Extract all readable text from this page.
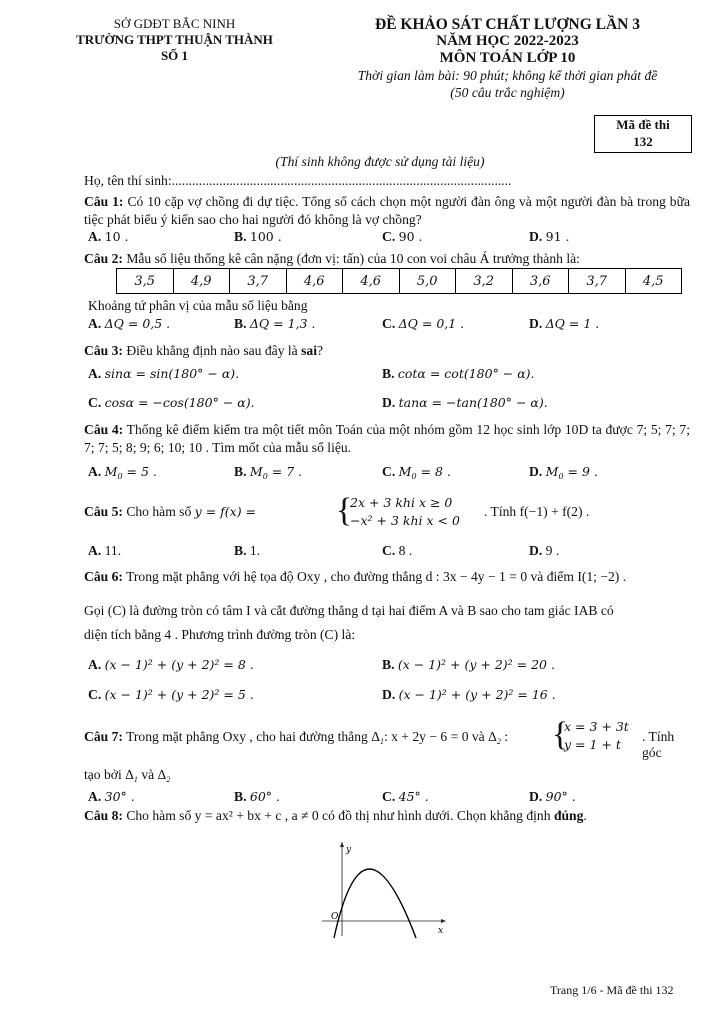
SỞ GDĐT BẮC NINH
TRƯỜNG THPT THUẬN THÀNH
SỐ 1
ĐỀ KHẢO SÁT CHẤT LƯỢNG LẦN 3
NĂM HỌC 2022-2023
MÔN TOÁN LỚP 10
Thời gian làm bài: 90 phút; không kể thời gian phát đề
(50 câu trắc nghiệm)
Mã đề thi
132
(Thí sinh không được sử dụng tài liệu)
Họ, tên thí sinh:....................................................................................................
Câu 1: Có 10 cặp vợ chồng đi dự tiệc. Tổng số cách chọn một người đàn ông và một người đàn bà trong bữa tiệc phát biểu ý kiến sao cho hai người đó không là vợ chồng?
A. 10 .	B. 100 .	C. 90 .	D. 91 .
Câu 2: Mẫu số liệu thống kê cân nặng (đơn vị: tấn) của 10 con voi châu Á trưởng thành là:
3,5	4,9	3,7	4,6	4,6	5,0	3,2	3,6	3,7	4,5
Khoảng tứ phân vị của mẫu số liệu bằng
A. ΔQ = 0,5 .	B. ΔQ = 1,3 .	C. ΔQ = 0,1 .	D. ΔQ = 1 .
Câu 3: Điều khẳng định nào sau đây là sai?
A. sinα = sin(180° − α).	B. cotα = cot(180° − α).
C. cosα = −cos(180° − α).	D. tanα = −tan(180° − α).
Câu 4: Thống kê điểm kiểm tra một tiết môn Toán của một nhóm gồm 12 học sinh lớp 10D ta được 7; 5; 7; 7; 7; 7; 5; 8; 9; 6; 10; 10 . Tìm mốt của mẫu số liệu.
A. $M_0 = 5$ .	B. $M_0 = 7$ .	C. $M_0 = 8$ .	D. $M_0 = 9$ .
Câu 5: Cho hàm số y = f(x) = {
2x + 3 khi x ≥ 0
−x² + 3 khi x < 0
. Tính f(−1) + f(2) .
A. 11.	B. 1.	C. 8 .	D. 9 .
Câu 6: Trong mặt phẳng với hệ tọa độ Oxy , cho đường thẳng d : 3x − 4y − 1 = 0 và điểm I(1; −2) .
Gọi (C) là đường tròn có tâm I và cắt đường thẳng d tại hai điểm A và B sao cho tam giác IAB có
diện tích bằng 4 . Phương trình đường tròn (C) là:
A. (x − 1)² + (y + 2)² = 8 .	B. (x − 1)² + (y + 2)² = 20 .
C. (x − 1)² + (y + 2)² = 5 .	D. (x − 1)² + (y + 2)² = 16 .
Câu 7: Trong mặt phẳng Oxy , cho hai đường thẳng $\Delta_1$: x + 2y − 6 = 0 và $\Delta_2$ : {
x = 3 + 3t
y = 1 + t
. Tính góc
tạo bởi $\Delta_1$ và $\Delta_2$
A. 30° .	B. 60° .	C. 45° .	D. 90° .
Câu 8: Cho hàm số y = ax² + bx + c , a ≠ 0 có đồ thị như hình dưới. Chọn khẳng định đúng.
y
x
O
Trang 1/6 - Mã đề thi 132
